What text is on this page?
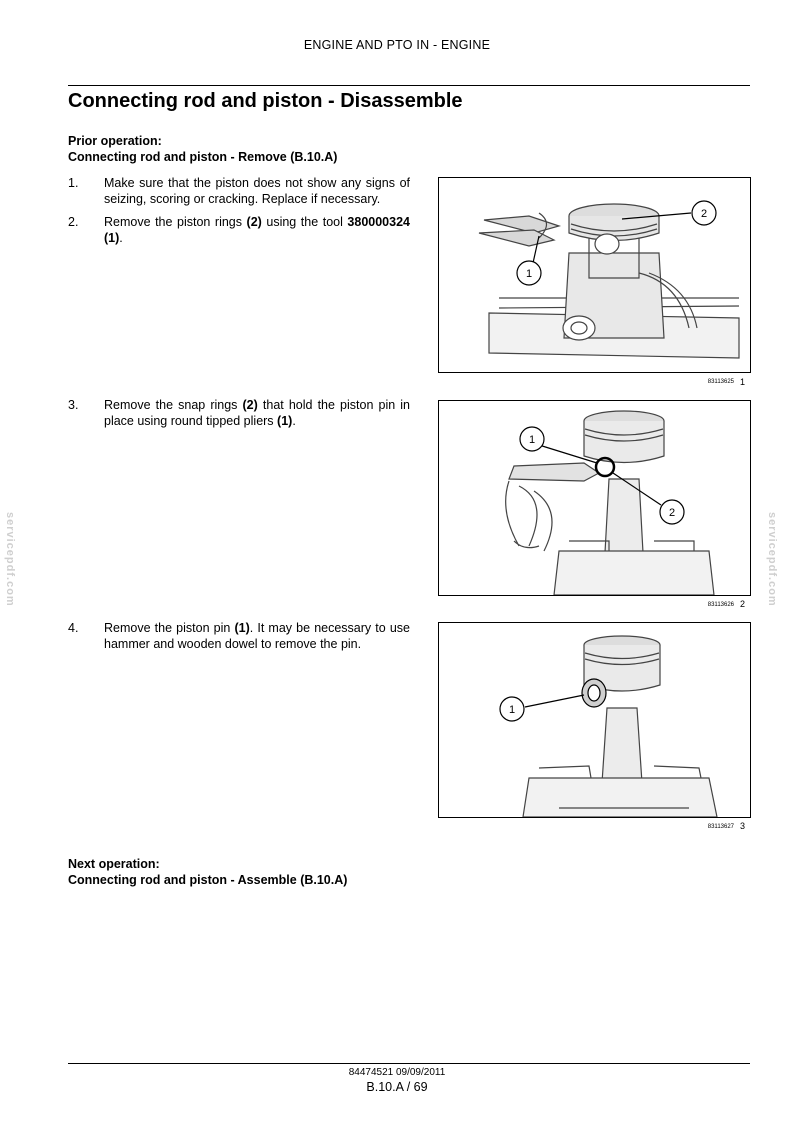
ENGINE AND PTO IN - ENGINE
Connecting rod and piston - Disassemble
Prior operation:
Connecting rod and piston - Remove (B.10.A)
1. Make sure that the piston does not show any signs of seizing, scoring or cracking. Replace if necessary.
2. Remove the piston rings (2) using the tool 380000324 (1).
2
1
83113625 1
3. Remove the snap rings (2) that hold the piston pin in place using round tipped pliers (1).
1
2
83113626 2
4. Remove the piston pin (1). It may be necessary to use hammer and wooden dowel to remove the pin.
1
83113627 3
Next operation:
Connecting rod and piston - Assemble (B.10.A)
servicepdf.com	servicepdf.com
84474521 09/09/2011
B.10.A / 69
